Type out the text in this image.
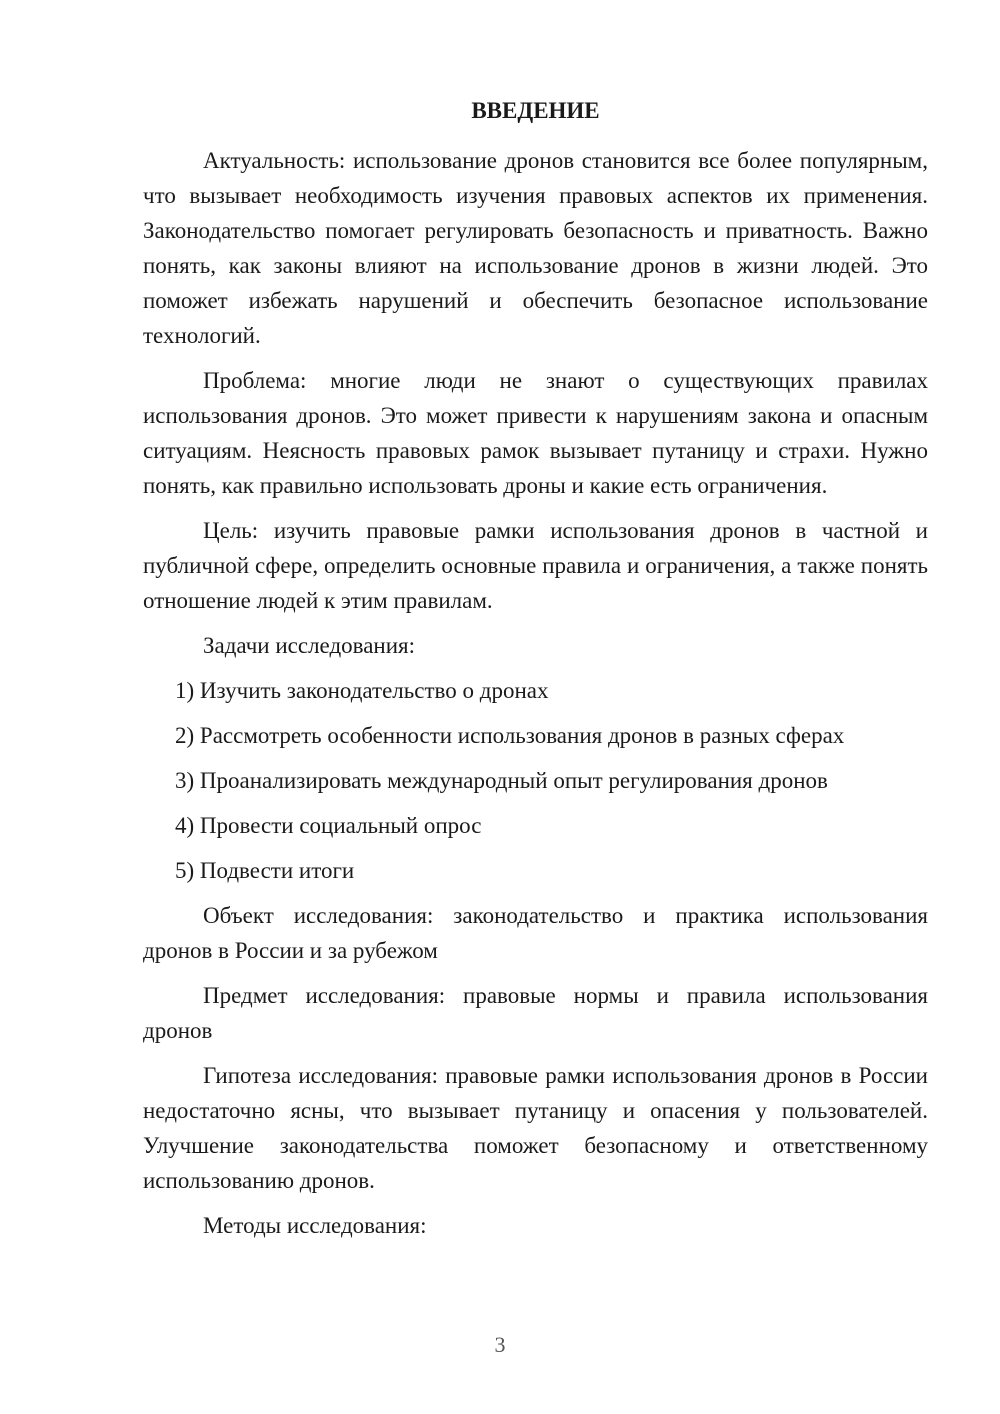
ВВЕДЕНИЕ

Актуальность: использование дронов становится все более популярным, что вызывает необходимость изучения правовых аспектов их применения. Законодательство помогает регулировать безопасность и приватность. Важно понять, как законы влияют на использование дронов в жизни людей. Это поможет избежать нарушений и обеспечить безопасное использование технологий.

Проблема: многие люди не знают о существующих правилах использования дронов. Это может привести к нарушениям закона и опасным ситуациям. Неясность правовых рамок вызывает путаницу и страхи. Нужно понять, как правильно использовать дроны и какие есть ограничения.

Цель: изучить правовые рамки использования дронов в частной и публичной сфере, определить основные правила и ограничения, а также понять отношение людей к этим правилам.

Задачи исследования:

1) Изучить законодательство о дронах
2) Рассмотреть особенности использования дронов в разных сферах
3) Проанализировать международный опыт регулирования дронов
4) Провести социальный опрос
5) Подвести итоги

Объект исследования: законодательство и практика использования дронов в России и за рубежом

Предмет исследования: правовые нормы и правила использования дронов

Гипотеза исследования: правовые рамки использования дронов в России недостаточно ясны, что вызывает путаницу и опасения у пользователей. Улучшение законодательства поможет безопасному и ответственному использованию дронов.

Методы исследования:

3
